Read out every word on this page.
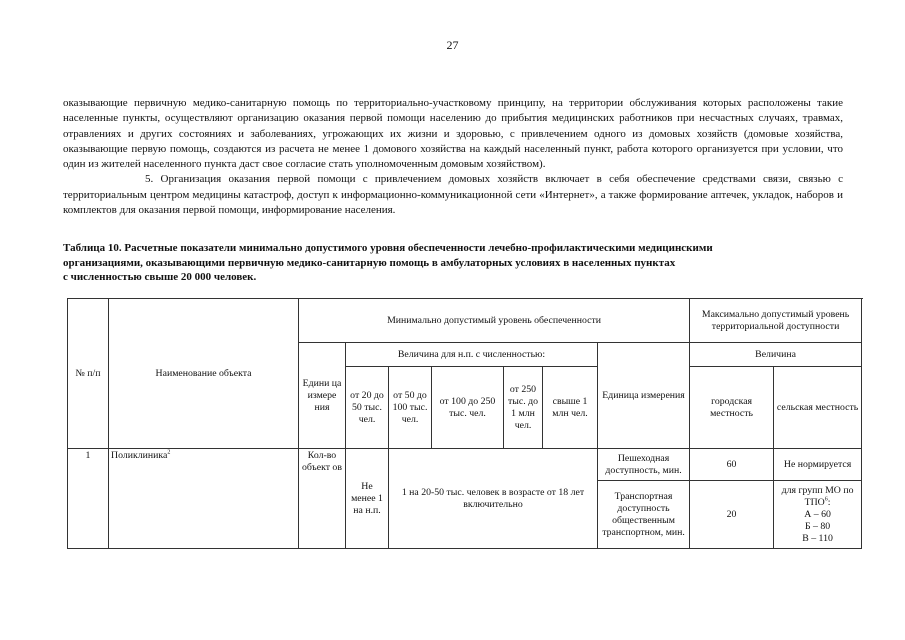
27

оказывающие первичную медико-санитарную помощь по территориально-участковому принципу, на территории обслуживания которых расположены такие населенные пункты, осуществляют организацию оказания первой помощи населению до прибытия медицинских работников при несчастных случаях, травмах, отравлениях и других состояниях и заболеваниях, угрожающих их жизни и здоровью, с привлечением одного из домовых хозяйств (домовые хозяйства, оказывающие первую помощь, создаются из расчета не менее 1 домового хозяйства на каждый населенный пункт, работа которого организуется при условии, что один из жителей населенного пункта даст свое согласие стать уполномоченным домовым хозяйством).

5. Организация оказания первой помощи с привлечением домовых хозяйств включает в себя обеспечение средствами связи, связью с территориальным центром медицины катастроф, доступ к информационно-коммуникационной сети «Интернет», а также формирование аптечек, укладок, наборов и комплектов для оказания первой помощи, информирование населения.

Таблица 10. Расчетные показатели минимально допустимого уровня обеспеченности лечебно-профилактическими медицинскими
организациями, оказывающими первичную медико-санитарную помощь в амбулаторных условиях в населенных пунктах
с численностью свыше 20 000 человек.
№ п/п	Наименование объекта	Минимально допустимый уровень обеспеченности							Максимально допустимый уровень территориальной доступности	
		Едини ца измере ния	Величина для н.п. с численностью:					Единица измерения	Величина	
			от 20 до 50 тыс. чел.	от 50 до 100 тыс. чел.	от 100 до 250 тыс. чел.	от 250 тыс. до 1 млн чел.	свыше 1 млн чел.		городская местность	сельская местность
1	Поликлиника$^2$	Кол-во объект ов	Не менее 1 на н.п.	1 на 20-50 тыс. человек в возрасте от 18 лет включительно				Пешеходная доступность, мин.	60	Не нормируется
								Транспортная доступность общественным транспортном, мин.	20	для групп МО по ТПО$^6$:
А – 60
Б – 80
В – 110
